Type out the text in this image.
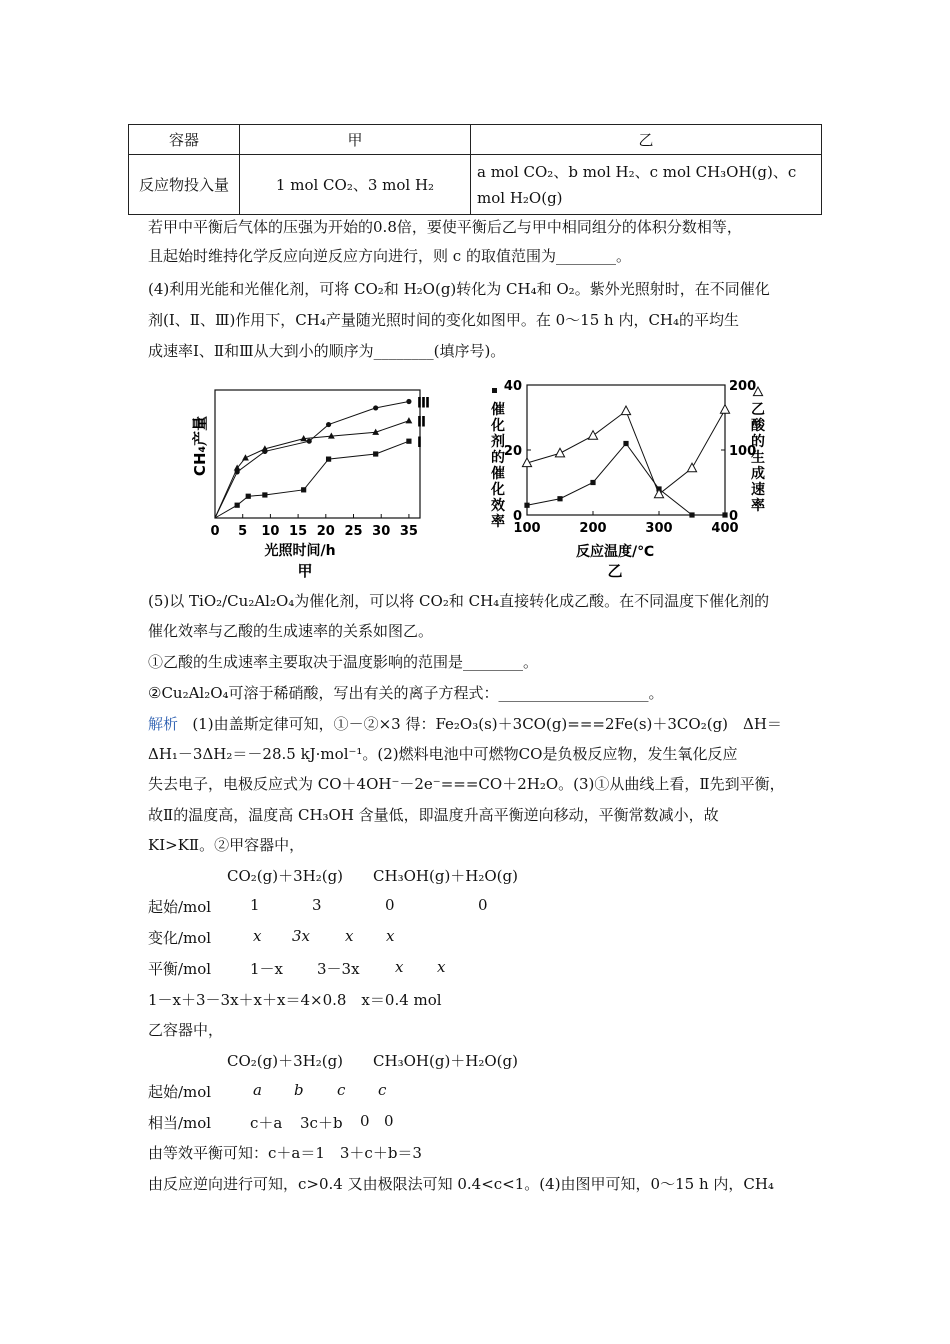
容器	甲	乙
反应物投入量	1 mol CO₂、3 mol H₂	a mol CO₂、b mol H₂、c mol CH₃OH(g)、c
mol H₂O(g)
若甲中平衡后气体的压强为开始的0.8倍，要使平衡后乙与甲中相同组分的体积分数相等，
且起始时维持化学反应向逆反应方向进行，则 c 的取值范围为________。
(4)利用光能和光催化剂，可将 CO₂和 H₂O(g)转化为 CH₄和 O₂。紫外光照射时，在不同催化
剂(Ⅰ、Ⅱ、Ⅲ)作用下，CH₄产量随光照时间的变化如图甲。在 0～15 h 内，CH₄的平均生
成速率Ⅰ、Ⅱ和Ⅲ从大到小的顺序为________(填序号)。
0 5 10 15 20 25 30 35
Ⅲ
Ⅱ
Ⅰ
CH₄产量
光照时间/h
甲
100	200	300	400
0
20
40
0
100
200
催
化
剂
的
催
化
效
率
乙
酸
的
生
成
速
率
反应温度/℃
乙
(5)以 TiO₂/Cu₂Al₂O₄为催化剂，可以将 CO₂和 CH₄直接转化成乙酸。在不同温度下催化剂的
催化效率与乙酸的生成速率的关系如图乙。
①乙酸的生成速率主要取决于温度影响的范围是________。
②Cu₂Al₂O₄可溶于稀硝酸，写出有关的离子方程式：____________________。
解析 (1)由盖斯定律可知，①－②×3 得：Fe₂O₃(s)＋3CO(g)===2Fe(s)＋3CO₂(g)　ΔH＝
ΔH₁－3ΔH₂＝－28.5 kJ·mol⁻¹。(2)燃料电池中可燃物CO是负极反应物，发生氧化反应
失去电子，电极反应式为 CO＋4OH⁻－2e⁻===CO＋2H₂O。(3)①从曲线上看，Ⅱ先到平衡，
故Ⅱ的温度高，温度高 CH₃OH 含量低，即温度升高平衡逆向移动，平衡常数减小，故
KⅠ>KⅡ。②甲容器中，
CO₂(g)＋3H₂(g)　　CH₃OH(g)＋H₂O(g)
起始/mol	1	3	0	0
变化/mol	x 3x x x
平衡/mol	1－x 3－3x x x
1－x＋3－3x＋x＋x＝4×0.8　x＝0.4 mol
乙容器中，
CO₂(g)＋3H₂(g)　　CH₃OH(g)＋H₂O(g)
起始/mol	a b c c
相当/mol	c＋a 3c＋b 0 0
由等效平衡可知：c＋a＝1　3＋c＋b＝3
由反应逆向进行可知，c>0.4 又由极限法可知 0.4<c<1。(4)由图甲可知，0～15 h 内，CH₄
